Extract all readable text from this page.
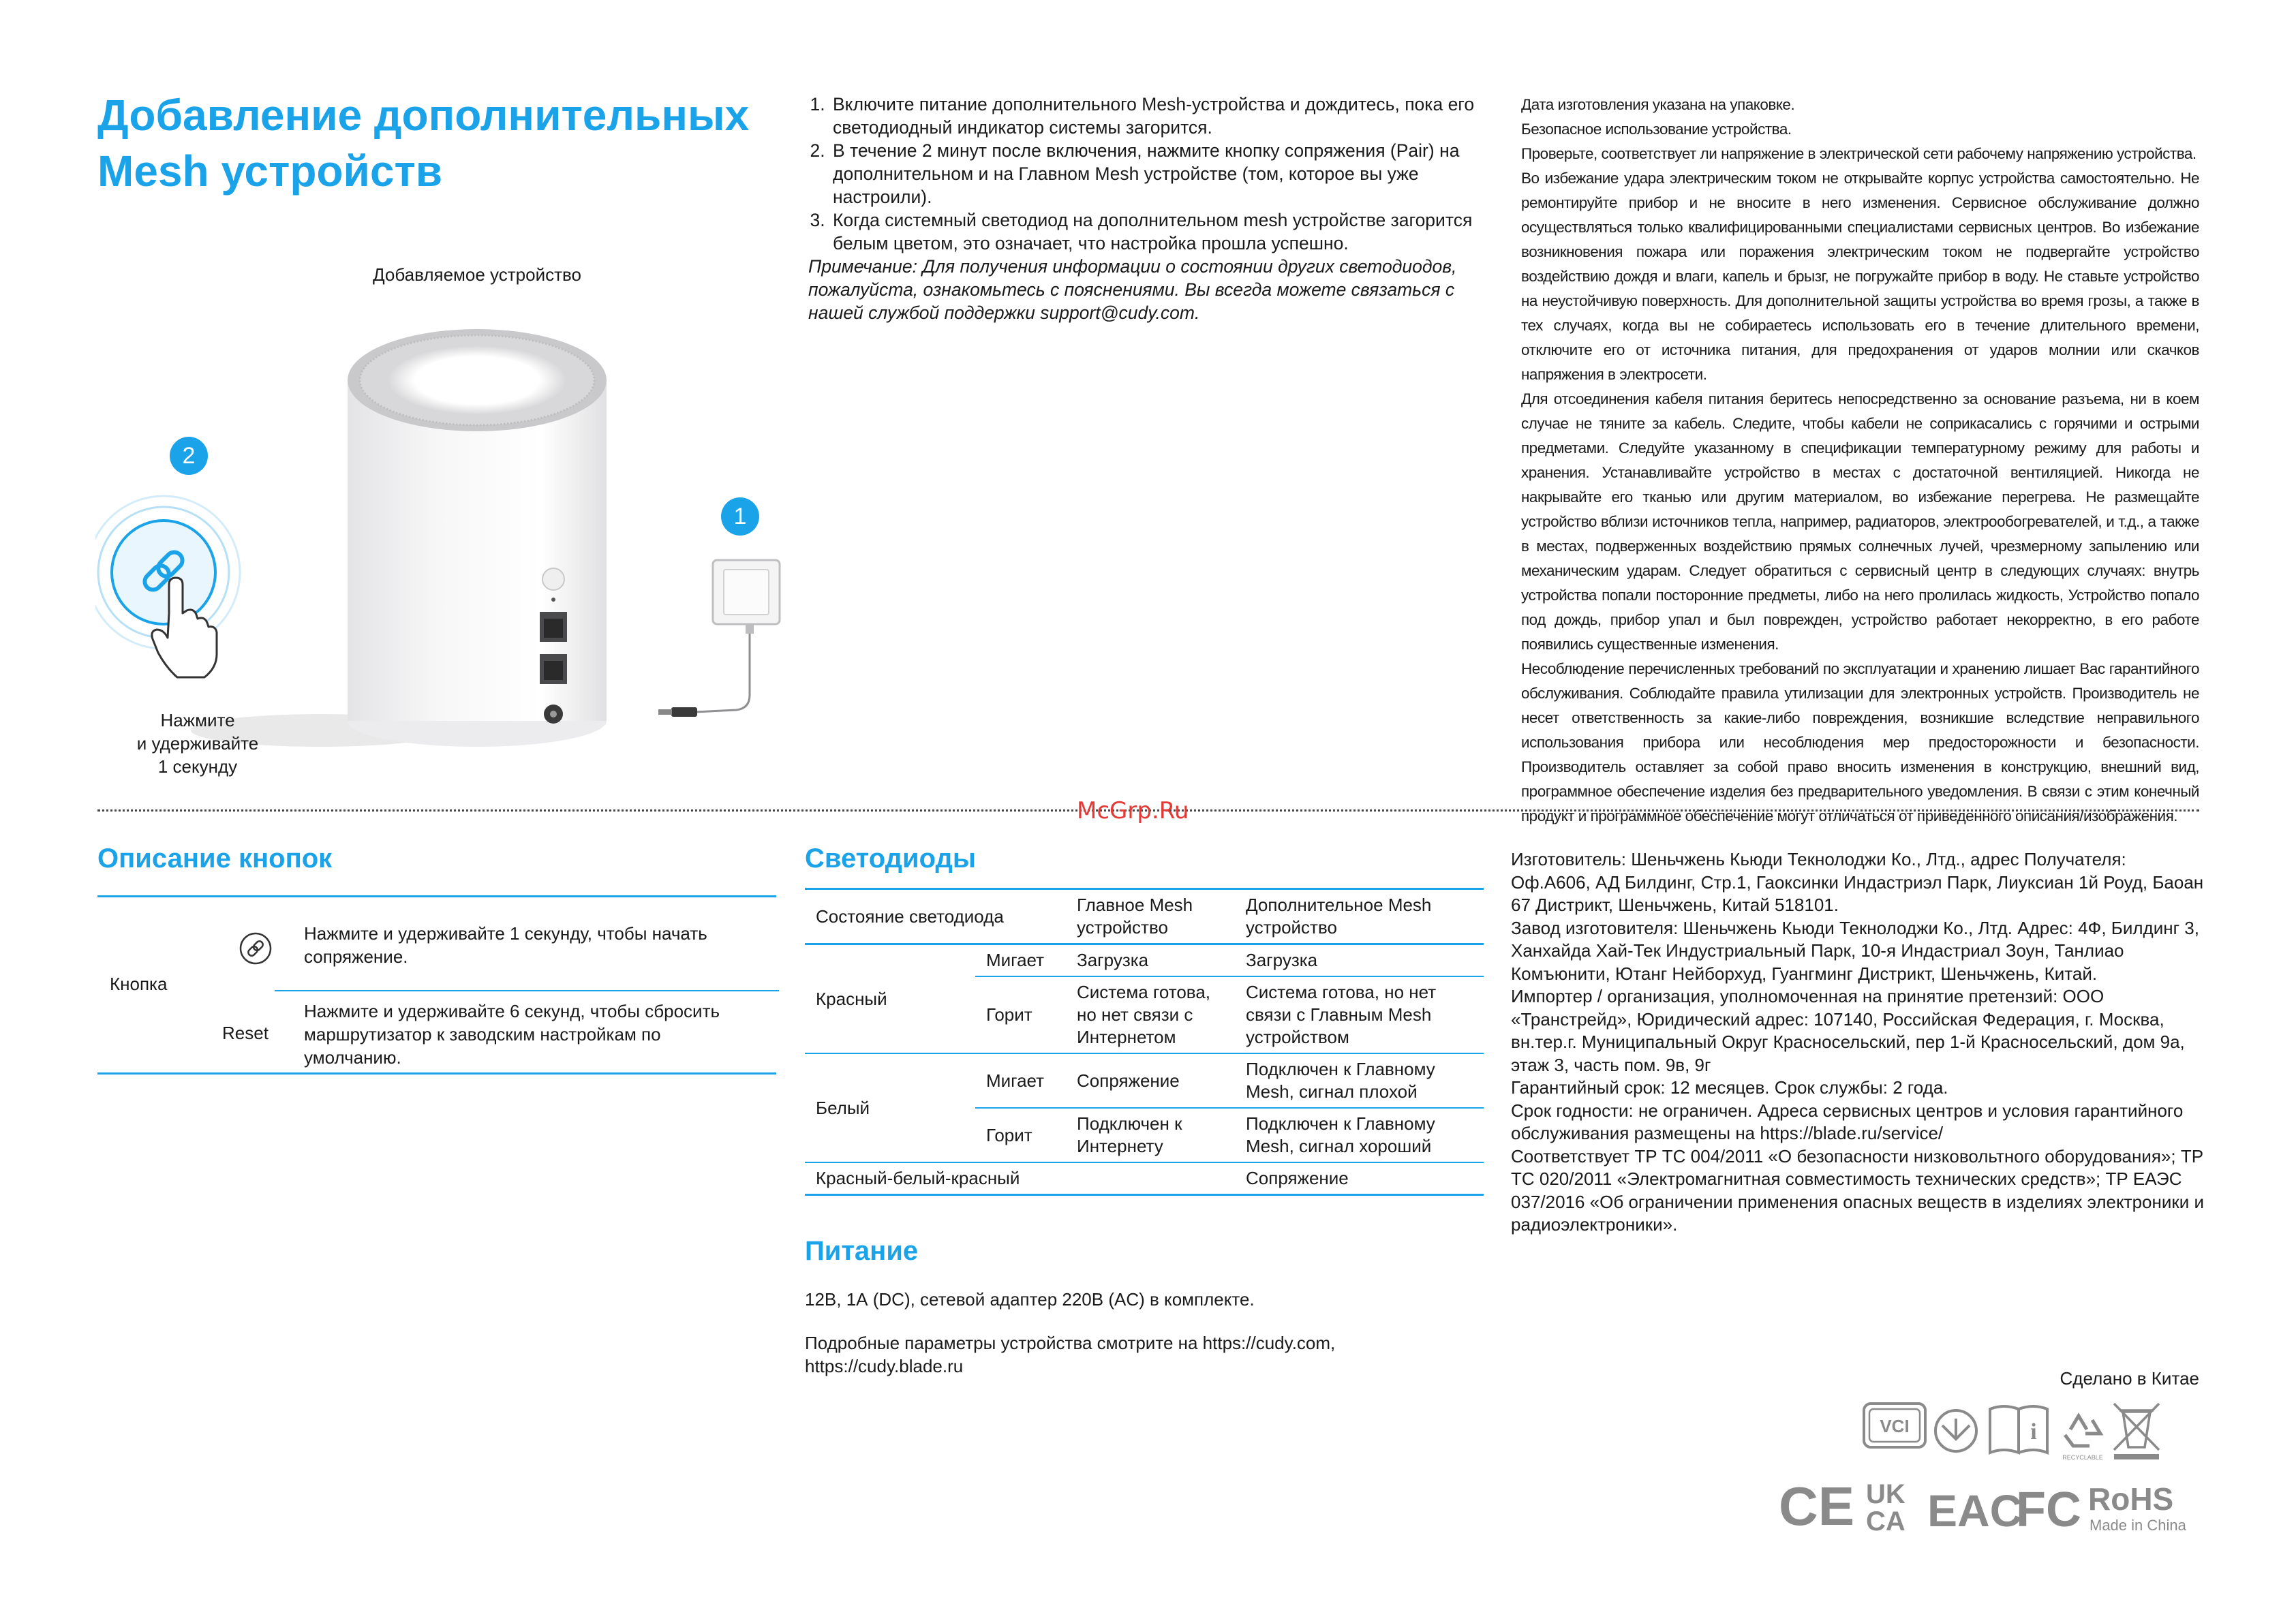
Добавление дополнительных
Mesh устройств
Добавляемое устройство
2
1
Нажмите
и удерживайте
1 секунду
1. Включите питание дополнительного Mesh-устройства и дождитесь, пока его светодиодный индикатор системы загорится.
2. В течение 2 минут после включения, нажмите кнопку сопряжения (Pair) на дополнительном и на Главном Mesh устройстве (том, которое вы уже настроили).
3. Когда системный светодиод на дополнительном mesh устройстве загорится белым цветом, это означает, что настройка прошла успешно.

Примечание: Для получения информации о состоянии других светодиодов, пожалуйста, ознакомьтесь с пояснениями. Вы всегда можете связаться с нашей службой поддержки support@cudy.com.

Дата изготовления указана на упаковке.

Безопасное использование устройства.

Проверьте, соответствует ли напряжение в электрической сети рабочему напряжению устройства.

Во избежание удара электрическим током не открывайте корпус устройства самостоятельно. Не ремонтируйте прибор и не вносите в него изменения. Сервисное обслуживание должно осуществляться только квалифицированными специалистами сервисных центров. Во избежание возникновения пожара или поражения электрическим током не подвергайте устройство воздействию дождя и влаги, капель и брызг, не погружайте прибор в воду. Не ставьте устройство на неустойчивую поверхность. Для дополнительной защиты устройства во время грозы, а также в тех случаях, когда вы не собираетесь использовать его в течение длительного времени, отключите его от источника питания, для предохранения от ударов молнии или скачков напряжения в электросети.

Для отсоединения кабеля питания беритесь непосредственно за основание разъема, ни в коем случае не тяните за кабель. Следите, чтобы кабели не соприкасались с горячими и острыми предметами. Следуйте указанному в спецификации температурному режиму для работы и хранения. Устанавливайте устройство в местах с достаточной вентиляцией. Никогда не накрывайте его тканью или другим материалом, во избежание перегрева. Не размещайте устройство вблизи источников тепла, например, радиаторов, электрообогревателей, и т.д., а также в местах, подверженных воздействию прямых солнечных лучей, чрезмерному запылению или механическим ударам. Следует обратиться с сервисный центр в следующих случаях: внутрь устройства попали посторонние предметы, либо на него пролилась жидкость, Устройство попало под дождь, прибор упал и был поврежден, устройство работает некорректно, в его работе появились существенные изменения.

Несоблюдение перечисленных требований по эксплуатации и хранению лишает Вас гарантийного обслуживания. Соблюдайте правила утилизации для электронных устройств. Производитель не несет ответственность за какие-либо повреждения, возникшие вследствие неправильного использования прибора или несоблюдения мер предосторожности и безопасности. Производитель оставляет за собой право вносить изменения в конструкцию, внешний вид, программное обеспечение изделия без предварительного уведомления. В связи с этим конечный продукт и программное обеспечение могут отличаться от приведенного описания/изображения.

McGrp.Ru
Описание кнопок
Кнопка
Нажмите и удерживайте 1 секунду, чтобы начать сопряжение.
Reset
Нажмите и удерживайте 6 секунд, чтобы сбросить маршрутизатор к заводским настройкам по умолчанию.
Светодиоды
Состояние светодиода		Главное Mesh устройство	Дополнительное Mesh устройство
Красный	Мигает	Загрузка	Загрузка
	Горит	Система готова, но нет связи с Интернетом	Система готова, но нет связи с Главным Mesh устройством
Белый	Мигает	Сопряжение	Подключен к Главному Mesh, сигнал плохой
	Горит	Подключен к Интернету	Подключен к Главному Mesh, сигнал хороший
Красный-белый-красный			Сопряжение
Питание

12В, 1А (DC), сетевой адаптер 220В (AC) в комплекте.

Подробные параметры устройства смотрите на https://cudy.com, https://cudy.blade.ru

Изготовитель: Шеньчжень Кьюди Текнолоджи Ко., Лтд., адрес Получателя: Оф.А606, АД Билдинг, Стр.1, Гаоксинки Индастриэл Парк, Лиуксиан 1й Роуд, Баоан 67 Дистрикт, Шеньчжень, Китай 518101.
Завод изготовителя: Шеньчжень Кьюди Текнолоджи Ко., Лтд. Адрес: 4Ф, Билдинг 3, Ханхайда Хай-Тек Индустриальный Парк, 10-я Индастриал Зоун, Танлиао Комъюнити, Ютанг Нейборхуд, Гуангминг Дистрикт, Шеньчжень, Китай.
Импортер / организация, уполномоченная на принятие претензий: ООО «Транстрейд», Юридический адрес: 107140, Российская Федерация, г. Москва, вн.тер.г. Муниципальный Округ Красносельский, пер 1-й Красносельский, дом 9а, этаж 3, часть пом. 9в, 9г
Гарантийный срок: 12 месяцев. Срок службы: 2 года.
Срок годности: не ограничен. Адреса сервисных центров и условия гарантийного обслуживания размещены на https://blade.ru/service/
Соответствует ТР ТС 004/2011 «О безопасности низковольтного оборудования»; ТР ТС 020/2011 «Электромагнитная совместимость технических средств»; ТР ЕАЭС 037/2016 «Об ограничении применения опасных веществ в изделиях электроники и радиоэлектроники».
Сделано в Китае
VCI	i
RECYCLABLE
CE UK
CA EAC
FC RoHS
Made in China
